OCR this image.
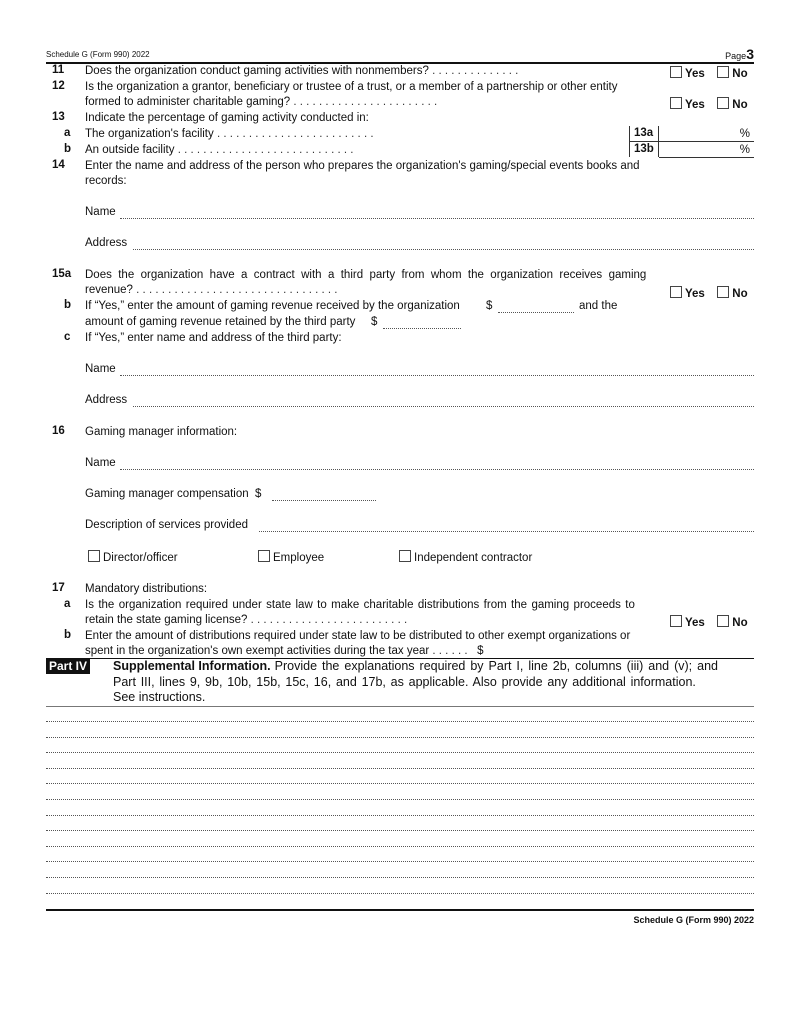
Schedule G (Form 990) 2022	Page3
11 Does the organization conduct gaming activities with nonmembers? . . . . . . . . . . . . . .	Yes No
12 Is the organization a grantor, beneficiary or trustee of a trust, or a member of a partnership or other entity
formed to administer charitable gaming? . . . . . . . . . . . . . . . . . . . . . . .	Yes No
13 Indicate the percentage of gaming activity conducted in:
a The organization's facility . . . . . . . . . . . . . . . . . . . . . . . . .	13a	%
b An outside facility . . . . . . . . . . . . . . . . . . . . . . . . . . . .	13b	%
14 Enter the name and address of the person who prepares the organization's gaming/special events books and
records:
Name
Address
15a Does the organization have a contract with a third party from whom the organization receives gaming
revenue? . . . . . . . . . . . . . . . . . . . . . . . . . . . . . . . .	Yes No
b If “Yes,” enter the amount of gaming revenue received by the organization $	and the
amount of gaming revenue retained by the third party $
c If “Yes,” enter name and address of the third party:
Name
Address
16 Gaming manager information:
Name
Gaming manager compensation $
Description of services provided
Director/officer	Employee	Independent contractor
17 Mandatory distributions:
a Is the organization required under state law to make charitable distributions from the gaming proceeds to
retain the state gaming license? . . . . . . . . . . . . . . . . . . . . . . . . .	Yes No
b Enter the amount of distributions required under state law to be distributed to other exempt organizations or
spent in the organization's own exempt activities during the tax year . . . . . . $
Part IV Supplemental Information. Provide the explanations required by Part I, line 2b, columns (iii) and (v); and
Part III, lines 9, 9b, 10b, 15b, 15c, 16, and 17b, as applicable. Also provide any additional information.
See instructions.
Schedule G (Form 990) 2022
